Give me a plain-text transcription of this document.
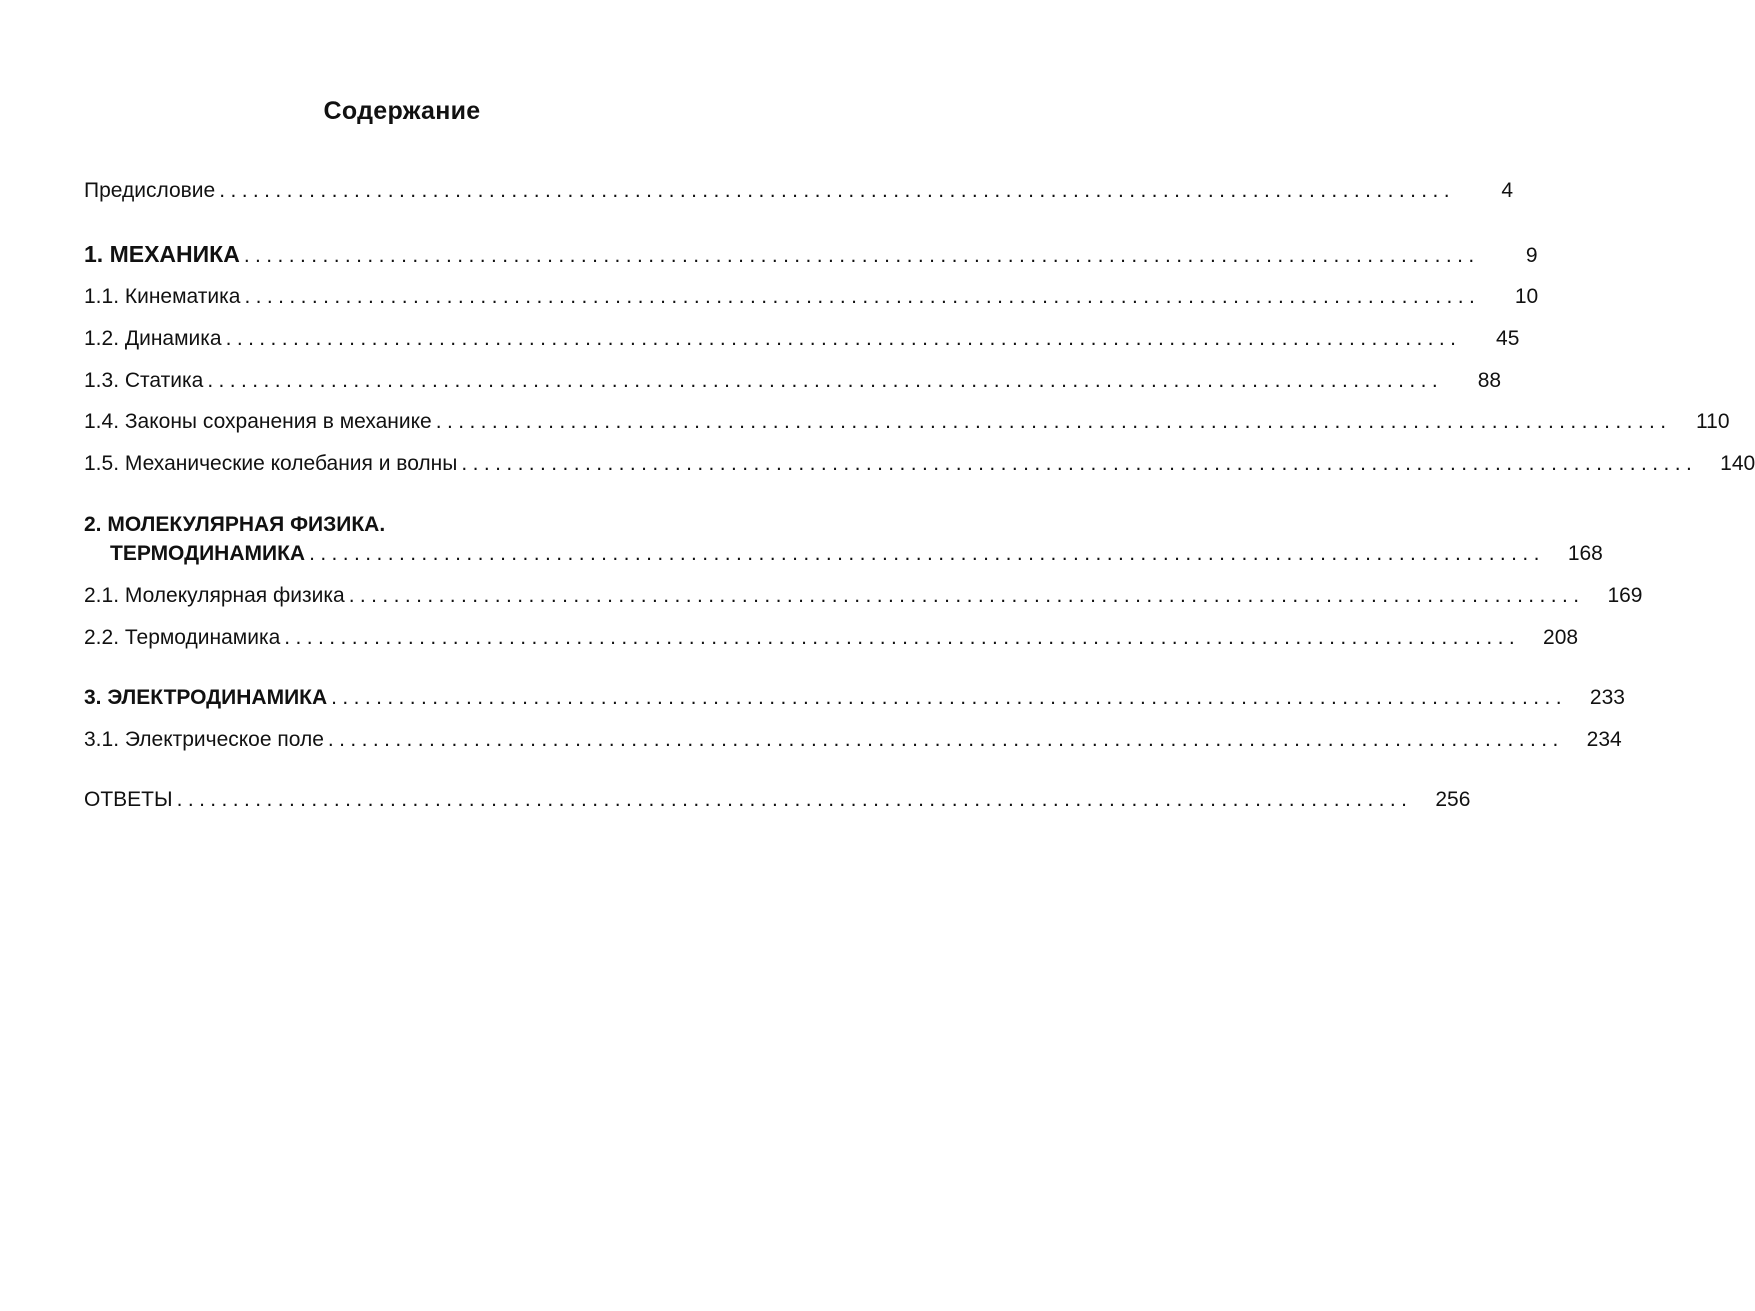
Содержание
Предисловие ..............................................................................................................	4
1. МЕХАНИКА ..............................................................................................................	9
1.1. Кинематика ..............................................................................................................	10
1.2. Динамика ..............................................................................................................	45
1.3. Статика ..............................................................................................................	88
1.4. Законы сохранения в механике ..............................................................................................................	110
1.5. Механические колебания и волны .............................................................................................................. 140
2. МОЛЕКУЛЯРНАЯ ФИЗИКА.
ТЕРМОДИНАМИКА .............................................................................................................. 168
2.1. Молекулярная физика .............................................................................................................. 169
2.2. Термодинамика .............................................................................................................. 208
3. ЭЛЕКТРОДИНАМИКА .............................................................................................................. 233
3.1. Электрическое поле .............................................................................................................. 234
ОТВЕТЫ .............................................................................................................. 256
